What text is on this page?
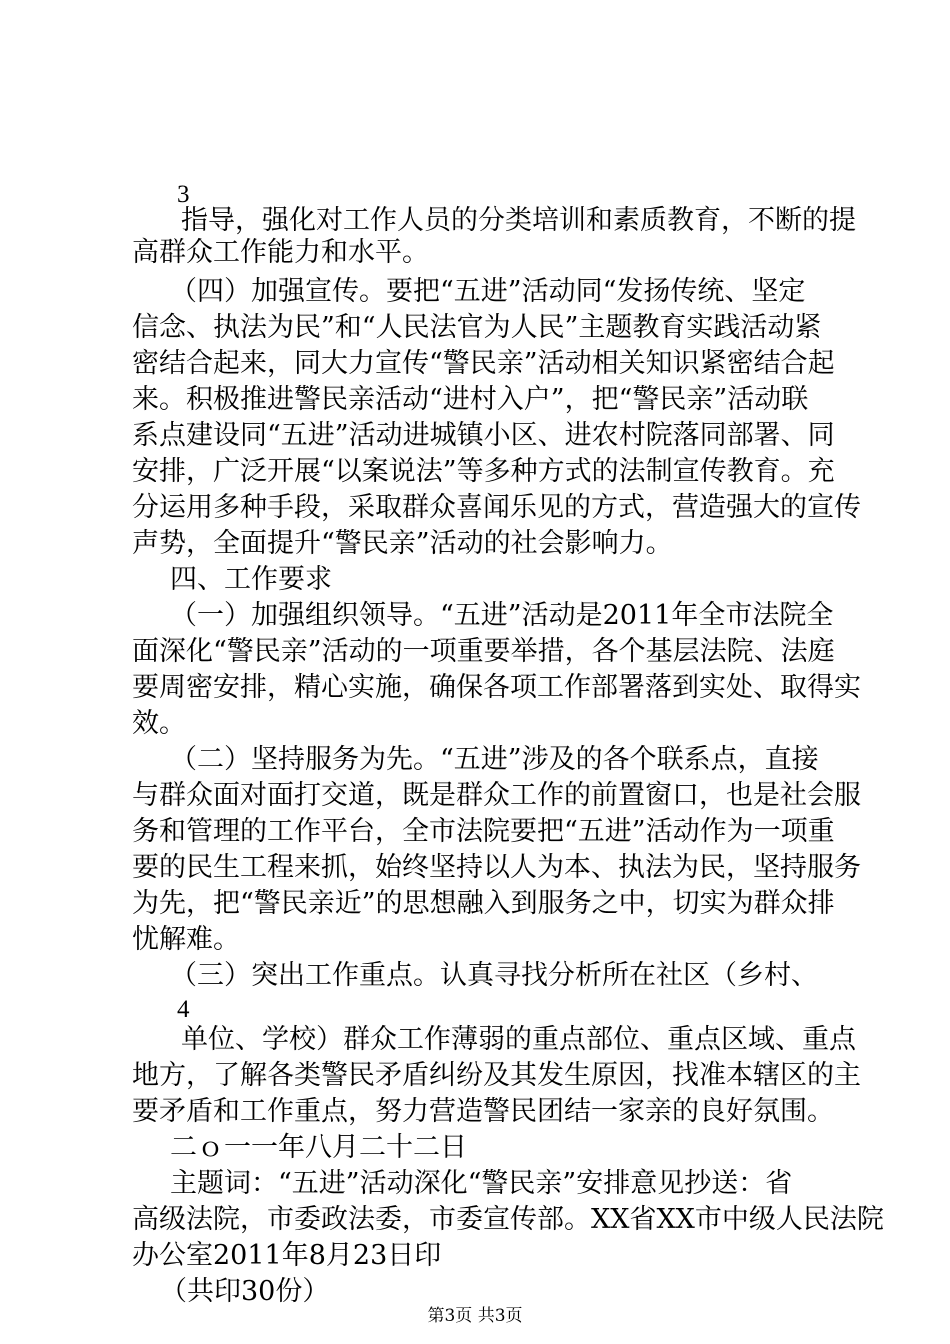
3
指导，强化对工作人员的分类培训和素质教育，不断的提
高群众工作能力和水平。
（四）加强宣传。要把“五进”活动同“发扬传统、坚定
信念、执法为民”和“人民法官为人民”主题教育实践活动紧
密结合起来，同大力宣传“警民亲”活动相关知识紧密结合起
来。积极推进警民亲活动“进村入户”，把“警民亲”活动联
系点建设同“五进”活动进城镇小区、进农村院落同部署、同
安排，广泛开展“以案说法”等多种方式的法制宣传教育。充
分运用多种手段，采取群众喜闻乐见的方式，营造强大的宣传
声势，全面提升“警民亲”活动的社会影响力。
四、工作要求
（一）加强组织领导。“五进”活动是2011年全市法院全
面深化“警民亲”活动的一项重要举措，各个基层法院、法庭
要周密安排，精心实施，确保各项工作部署落到实处、取得实
效。
（二）坚持服务为先。“五进”涉及的各个联系点，直接
与群众面对面打交道，既是群众工作的前置窗口，也是社会服
务和管理的工作平台，全市法院要把“五进”活动作为一项重
要的民生工程来抓，始终坚持以人为本、执法为民，坚持服务
为先，把“警民亲近”的思想融入到服务之中，切实为群众排
忧解难。
（三）突出工作重点。认真寻找分析所在社区（乡村、
4
单位、学校）群众工作薄弱的重点部位、重点区域、重点
地方，了解各类警民矛盾纠纷及其发生原因，找准本辖区的主
要矛盾和工作重点，努力营造警民团结一家亲的良好氛围。
二ｏ一一年八月二十二日
主题词：“五进”活动深化“警民亲”安排意见抄送：省
高级法院，市委政法委，市委宣传部。XX省XX市中级人民法院
办公室2011年8月23日印
（共印30份）
第3页 共3页
